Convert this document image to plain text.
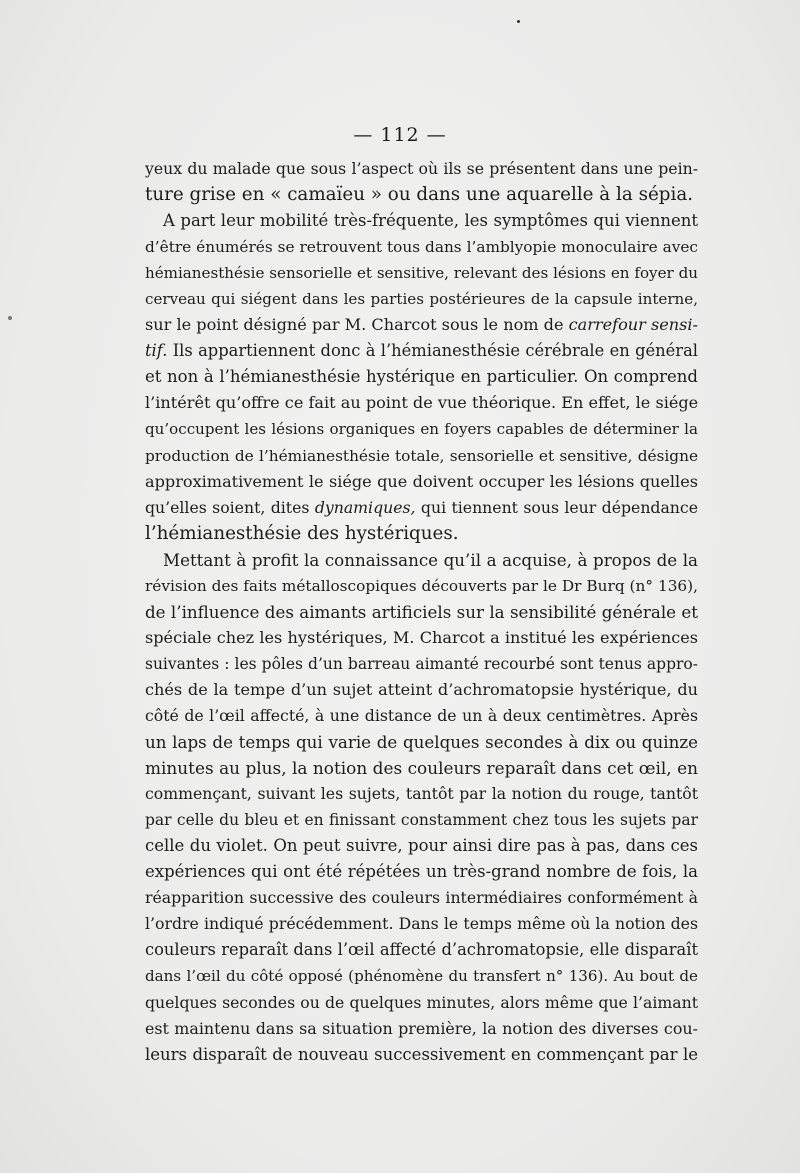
— 112 —
yeux du malade que sous l’aspect où ils se présentent dans une pein-
ture grise en « camaïeu » ou dans une aquarelle à la sépia.
A part leur mobilité très-fréquente, les symptômes qui viennent
d’être énumérés se retrouvent tous dans l’amblyopie monoculaire avec
hémianesthésie sensorielle et sensitive, relevant des lésions en foyer du
cerveau qui siégent dans les parties postérieures de la capsule interne,
sur le point désigné par M. Charcot sous le nom de carrefour sensi-
tif. Ils appartiennent donc à l’hémianesthésie cérébrale en général
et non à l’hémianesthésie hystérique en particulier. On comprend
l’intérêt qu’offre ce fait au point de vue théorique. En effet, le siége
qu’occupent les lésions organiques en foyers capables de déterminer la
production de l’hémianesthésie totale, sensorielle et sensitive, désigne
approximativement le siége que doivent occuper les lésions quelles
qu’elles soient, dites dynamiques, qui tiennent sous leur dépendance
l’hémianesthésie des hystériques.
Mettant à profit la connaissance qu’il a acquise, à propos de la
révision des faits métalloscopiques découverts par le Dr Burq (n° 136),
de l’influence des aimants artificiels sur la sensibilité générale et
spéciale chez les hystériques, M. Charcot a institué les expériences
suivantes : les pôles d’un barreau aimanté recourbé sont tenus appro-
chés de la tempe d’un sujet atteint d’achromatopsie hystérique, du
côté de l’œil affecté, à une distance de un à deux centimètres. Après
un laps de temps qui varie de quelques secondes à dix ou quinze
minutes au plus, la notion des couleurs reparaît dans cet œil, en
commençant, suivant les sujets, tantôt par la notion du rouge, tantôt
par celle du bleu et en finissant constamment chez tous les sujets par
celle du violet. On peut suivre, pour ainsi dire pas à pas, dans ces
expériences qui ont été répétées un très-grand nombre de fois, la
réapparition successive des couleurs intermédiaires conformément à
l’ordre indiqué précédemment. Dans le temps même où la notion des
couleurs reparaît dans l’œil affecté d’achromatopsie, elle disparaît
dans l’œil du côté opposé (phénomène du transfert n° 136). Au bout de
quelques secondes ou de quelques minutes, alors même que l’aimant
est maintenu dans sa situation première, la notion des diverses cou-
leurs disparaît de nouveau successivement en commençant par le
